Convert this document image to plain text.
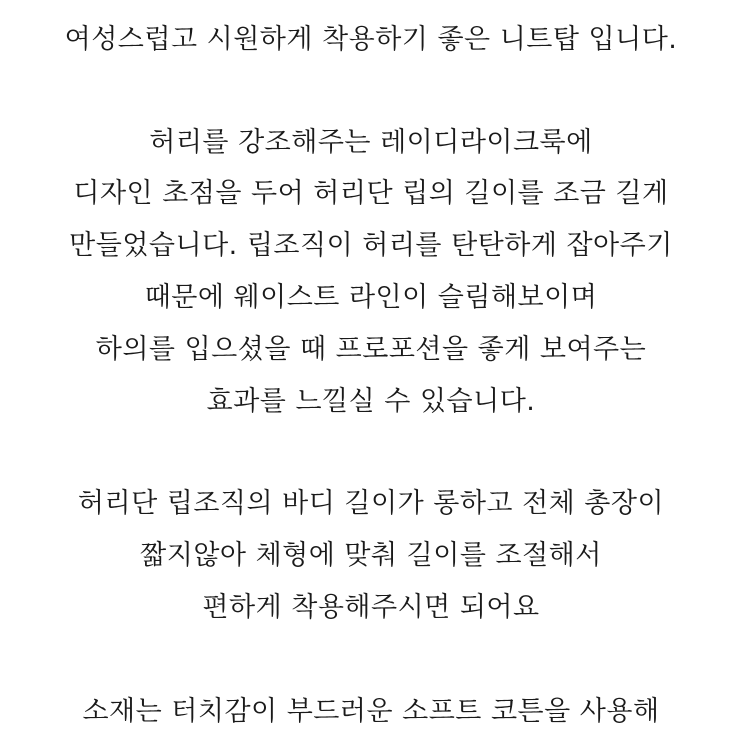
여성스럽고 시원하게 착용하기 좋은 니트탑 입니다.
허리를 강조해주는 레이디라이크룩에
디자인 초점을 두어 허리단 립의 길이를 조금 길게
만들었습니다. 립조직이 허리를 탄탄하게 잡아주기
때문에 웨이스트 라인이 슬림해보이며
하의를 입으셨을 때 프로포션을 좋게 보여주는
효과를 느낄실 수 있습니다.
허리단 립조직의 바디 길이가 롱하고 전체 총장이
짧지않아 체형에 맞춰 길이를 조절해서
편하게 착용해주시면 되어요
소재는 터치감이 부드러운 소프트 코튼을 사용해
